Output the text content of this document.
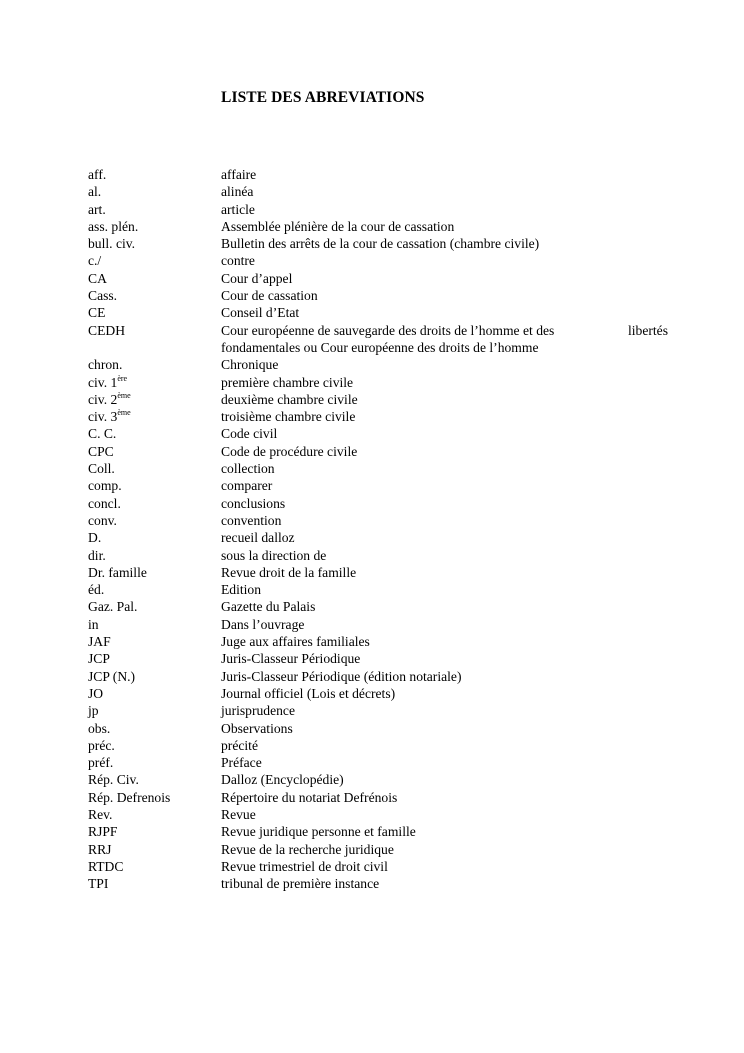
LISTE DES ABREVIATIONS
aff.	affaire
al.	alinéa
art.	article
ass. plén.	Assemblée plénière de la cour de cassation
bull. civ.	Bulletin des arrêts de la cour de cassation (chambre civile)
c./	contre
CA	Cour d’appel
Cass.	Cour de cassation
CE	Conseil d’Etat
CEDH	Cour européenne de sauvegarde des droits de l’homme et des	libertés
fondamentales ou Cour européenne des droits de l’homme
chron.	Chronique
civ. 1ère	première chambre civile
civ. 2ème	deuxième chambre civile
civ. 3ème	troisième chambre civile
C. C.	Code civil
CPC	Code de procédure civile
Coll.	collection
comp.	comparer
concl.	conclusions
conv.	convention
D.	recueil dalloz
dir.	sous la direction de
Dr. famille	Revue droit de la famille
éd.	Edition
Gaz. Pal.	Gazette du Palais
in	Dans l’ouvrage
JAF	Juge aux affaires familiales
JCP	Juris-Classeur Périodique
JCP (N.)	Juris-Classeur Périodique (édition notariale)
JO	Journal officiel (Lois et décrets)
jp	jurisprudence
obs.	Observations
préc.	précité
préf.	Préface
Rép. Civ.	Dalloz (Encyclopédie)
Rép. Defrenois	Répertoire du notariat Defrénois
Rev.	Revue
RJPF	Revue juridique personne et famille
RRJ	Revue de la recherche juridique
RTDC	Revue trimestriel de droit civil
TPI	tribunal de première instance
